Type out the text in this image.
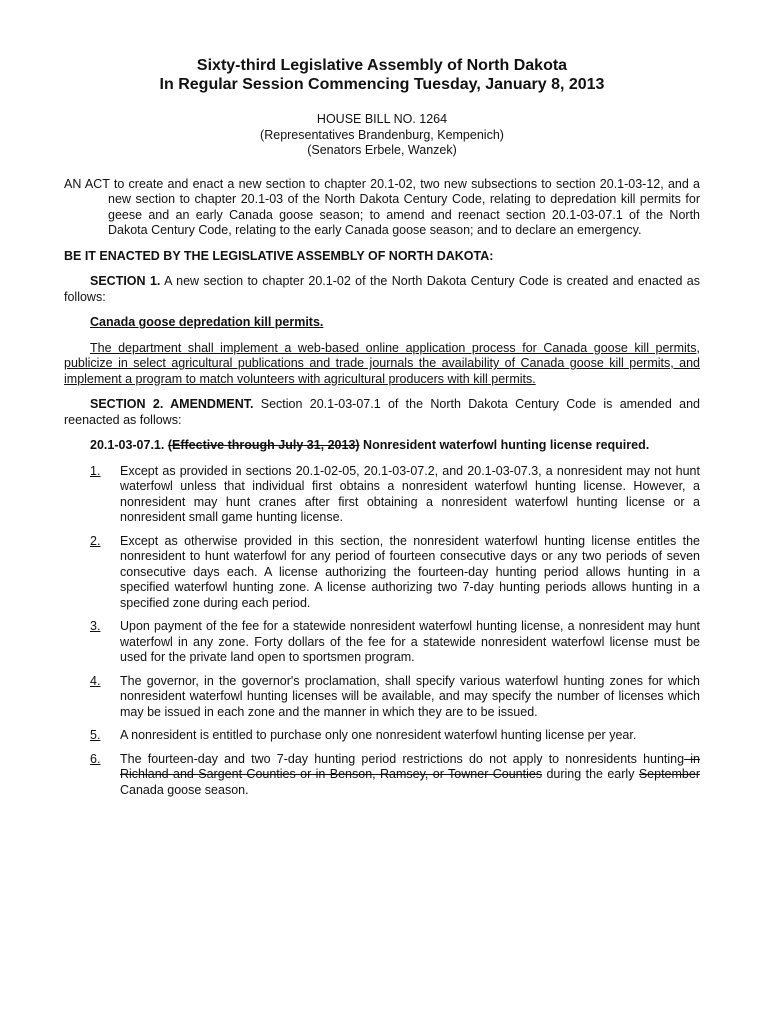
Sixty-third Legislative Assembly of North Dakota
In Regular Session Commencing Tuesday, January 8, 2013
HOUSE BILL NO. 1264
(Representatives Brandenburg, Kempenich)
(Senators Erbele, Wanzek)
AN ACT to create and enact a new section to chapter 20.1-02, two new subsections to section 20.1-03-12, and a new section to chapter 20.1-03 of the North Dakota Century Code, relating to depredation kill permits for geese and an early Canada goose season; to amend and reenact section 20.1-03-07.1 of the North Dakota Century Code, relating to the early Canada goose season; and to declare an emergency.
BE IT ENACTED BY THE LEGISLATIVE ASSEMBLY OF NORTH DAKOTA:
SECTION 1. A new section to chapter 20.1-02 of the North Dakota Century Code is created and enacted as follows:
Canada goose depredation kill permits.
The department shall implement a web-based online application process for Canada goose kill permits, publicize in select agricultural publications and trade journals the availability of Canada goose kill permits, and implement a program to match volunteers with agricultural producers with kill permits.
SECTION 2. AMENDMENT. Section 20.1-03-07.1 of the North Dakota Century Code is amended and reenacted as follows:
20.1-03-07.1. (Effective through July 31, 2013) Nonresident waterfowl hunting license required.
1.	Except as provided in sections 20.1-02-05, 20.1-03-07.2, and 20.1-03-07.3, a nonresident may not hunt waterfowl unless that individual first obtains a nonresident waterfowl hunting license. However, a nonresident may hunt cranes after first obtaining a nonresident waterfowl hunting license or a nonresident small game hunting license.
2.	Except as otherwise provided in this section, the nonresident waterfowl hunting license entitles the nonresident to hunt waterfowl for any period of fourteen consecutive days or any two periods of seven consecutive days each. A license authorizing the fourteen-day hunting period allows hunting in a specified waterfowl hunting zone. A license authorizing two 7-day hunting periods allows hunting in a specified zone during each period.
3.	Upon payment of the fee for a statewide nonresident waterfowl hunting license, a nonresident may hunt waterfowl in any zone. Forty dollars of the fee for a statewide nonresident waterfowl license must be used for the private land open to sportsmen program.
4.	The governor, in the governor's proclamation, shall specify various waterfowl hunting zones for which nonresident waterfowl hunting licenses will be available, and may specify the number of licenses which may be issued in each zone and the manner in which they are to be issued.
5.	A nonresident is entitled to purchase only one nonresident waterfowl hunting license per year.
6.	The fourteen-day and two 7-day hunting period restrictions do not apply to nonresidents hunting in Richland and Sargent Counties or in Benson, Ramsey, or Towner Counties during the early September Canada goose season.
